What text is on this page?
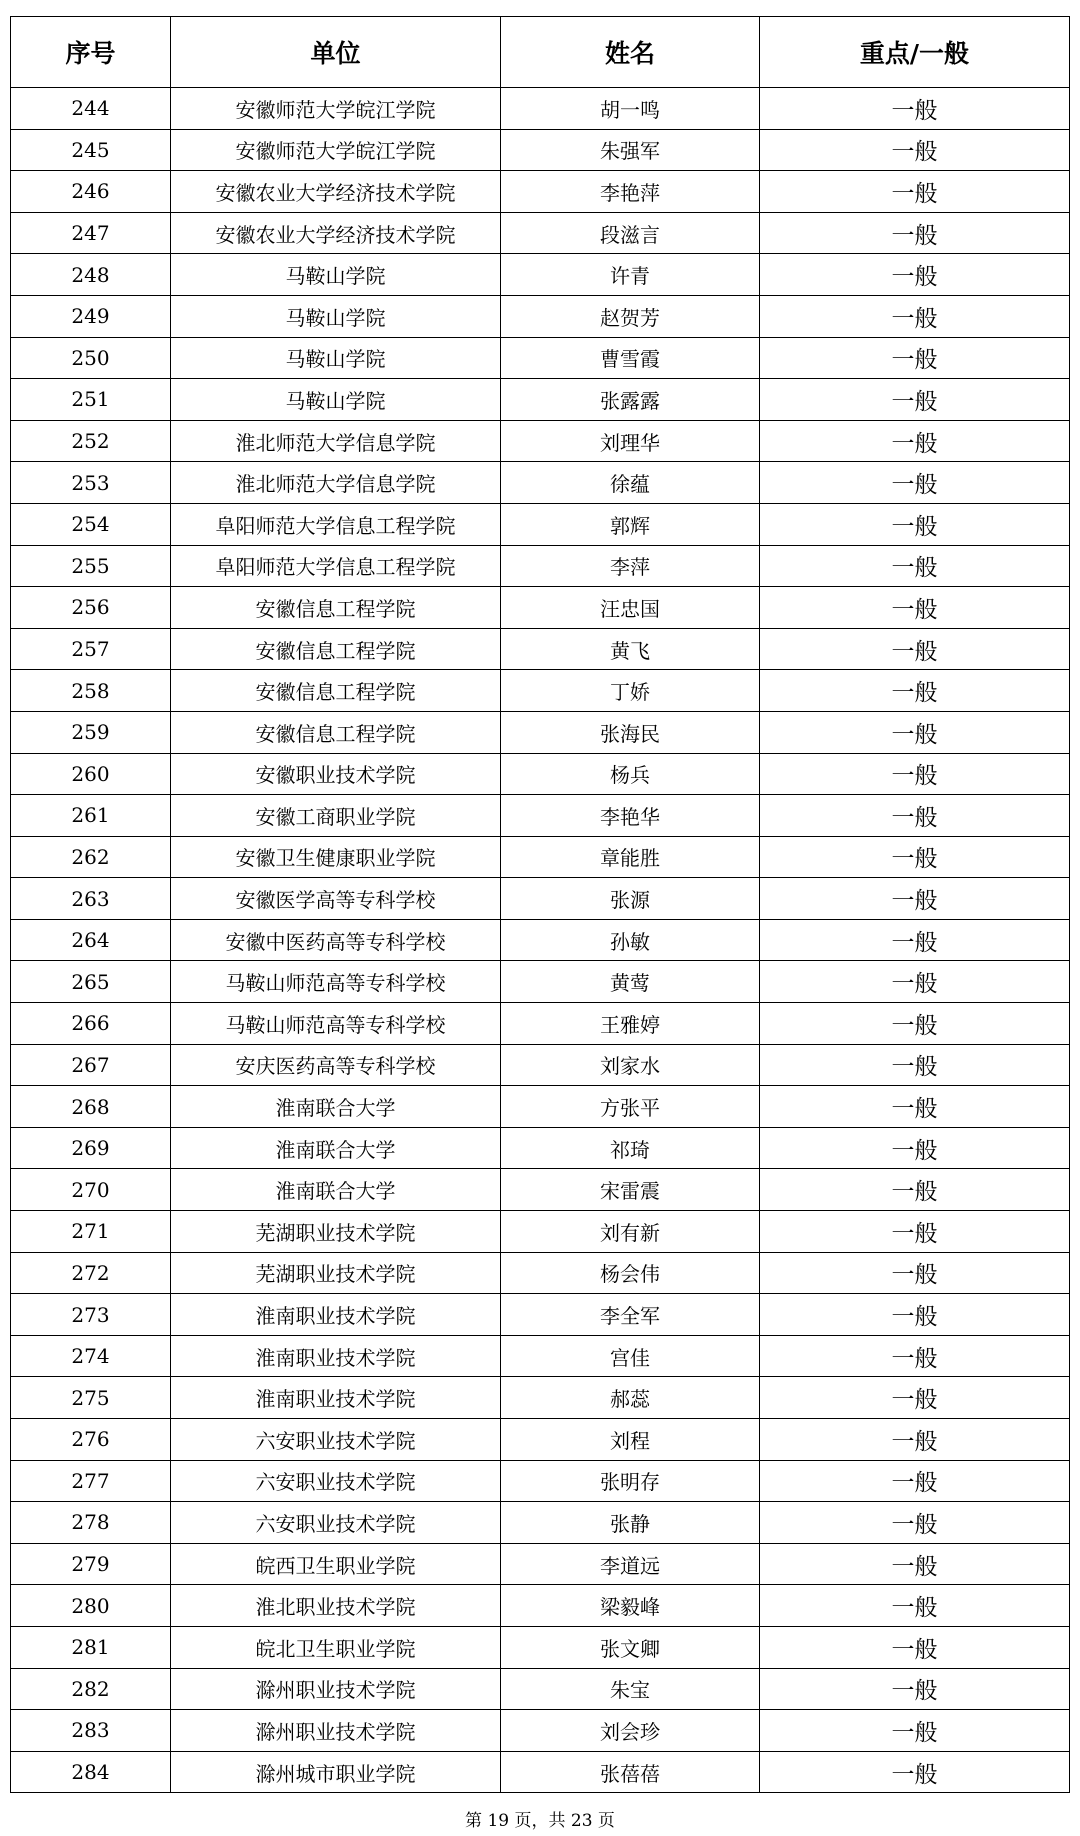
序号	单位	姓名	重点/一般
244	安徽师范大学皖江学院	胡一鸣	一般
245	安徽师范大学皖江学院	朱强军	一般
246	安徽农业大学经济技术学院	李艳萍	一般
247	安徽农业大学经济技术学院	段滋言	一般
248	马鞍山学院	许青	一般
249	马鞍山学院	赵贺芳	一般
250	马鞍山学院	曹雪霞	一般
251	马鞍山学院	张露露	一般
252	淮北师范大学信息学院	刘理华	一般
253	淮北师范大学信息学院	徐蕴	一般
254	阜阳师范大学信息工程学院	郭辉	一般
255	阜阳师范大学信息工程学院	李萍	一般
256	安徽信息工程学院	汪忠国	一般
257	安徽信息工程学院	黄飞	一般
258	安徽信息工程学院	丁娇	一般
259	安徽信息工程学院	张海民	一般
260	安徽职业技术学院	杨兵	一般
261	安徽工商职业学院	李艳华	一般
262	安徽卫生健康职业学院	章能胜	一般
263	安徽医学高等专科学校	张源	一般
264	安徽中医药高等专科学校	孙敏	一般
265	马鞍山师范高等专科学校	黄莺	一般
266	马鞍山师范高等专科学校	王雅婷	一般
267	安庆医药高等专科学校	刘家水	一般
268	淮南联合大学	方张平	一般
269	淮南联合大学	祁琦	一般
270	淮南联合大学	宋雷震	一般
271	芜湖职业技术学院	刘有新	一般
272	芜湖职业技术学院	杨会伟	一般
273	淮南职业技术学院	李全军	一般
274	淮南职业技术学院	宫佳	一般
275	淮南职业技术学院	郝蕊	一般
276	六安职业技术学院	刘程	一般
277	六安职业技术学院	张明存	一般
278	六安职业技术学院	张静	一般
279	皖西卫生职业学院	李道远	一般
280	淮北职业技术学院	梁毅峰	一般
281	皖北卫生职业学院	张文卿	一般
282	滁州职业技术学院	朱宝	一般
283	滁州职业技术学院	刘会珍	一般
284	滁州城市职业学院	张蓓蓓	一般
第 19 页，共 23 页
